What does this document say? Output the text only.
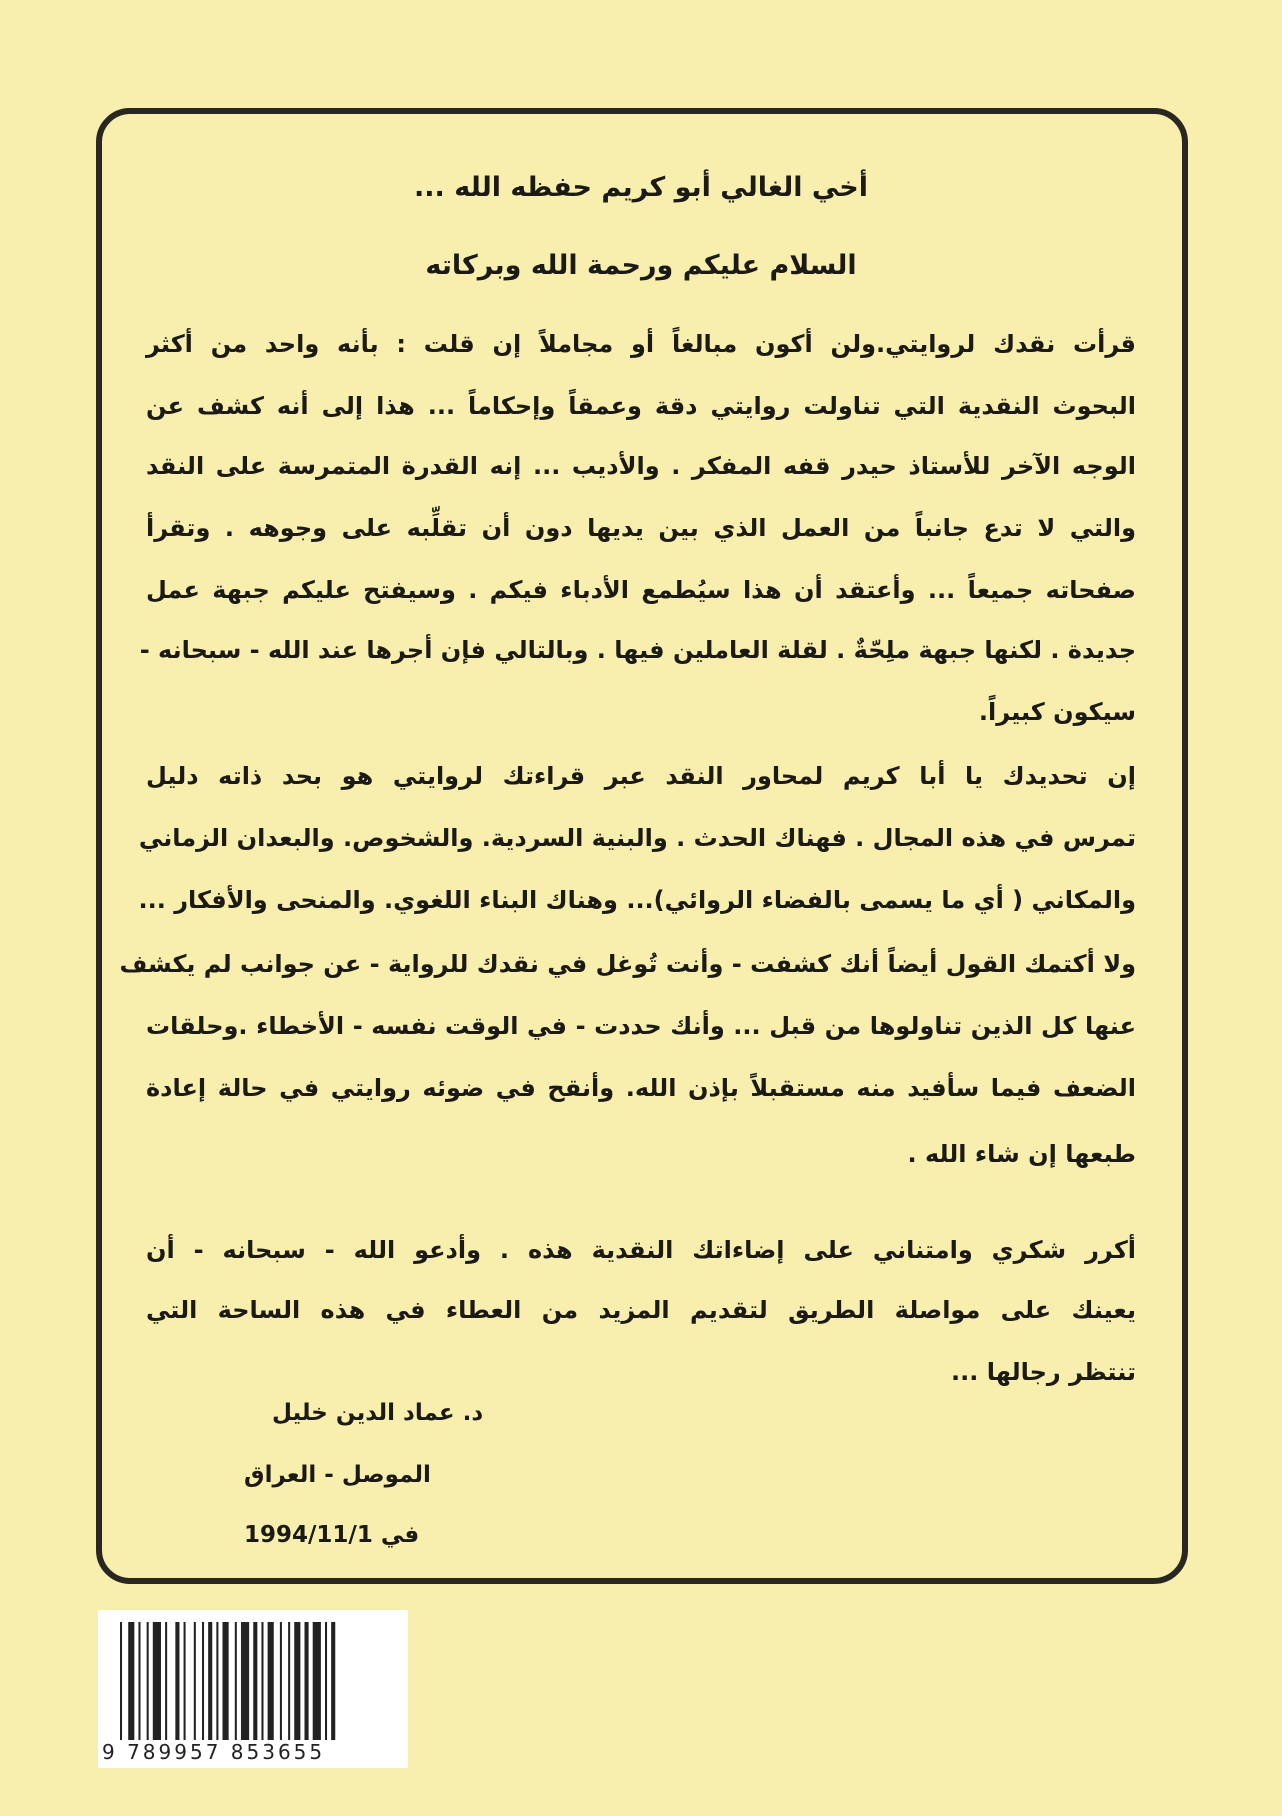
أخي الغالي أبو كريم حفظه الله ...
السلام عليكم ورحمة الله وبركاته
قرأت نقدك لروايتي.ولن أكون مبالغاً أو مجاملاً إن قلت : بأنه واحد من أكثر
البحوث النقدية التي تناولت روايتي دقة وعمقاً وإحكاماً ... هذا إلى أنه كشف عن
الوجه الآخر للأستاذ حيدر قفه المفكر . والأديب ... إنه القدرة المتمرسة على النقد
والتي لا تدع جانباً من العمل الذي بين يديها دون أن تقلِّبه على وجوهه . وتقرأ
صفحاته جميعاً ... وأعتقد أن هذا سيُطمع الأدباء فيكم . وسيفتح عليكم جبهة عمل
جديدة . لكنها جبهة ملِحّةٌ . لقلة العاملين فيها . وبالتالي فإن أجرها عند الله - سبحانه -
سيكون كبيراً.
إن تحديدك يا أبا كريم لمحاور النقد عبر قراءتك لروايتي هو بحد ذاته دليل
تمرس في هذه المجال . فهناك الحدث . والبنية السردية. والشخوص. والبعدان الزماني
والمكاني ( أي ما يسمى بالفضاء الروائي)... وهناك البناء اللغوي. والمنحى والأفكار ...
ولا أكتمك القول أيضاً أنك كشفت - وأنت تُوغل في نقدك للرواية - عن جوانب لم يكشف
عنها كل الذين تناولوها من قبل ... وأنك حددت - في الوقت نفسه - الأخطاء .وحلقات
الضعف فيما سأفيد منه مستقبلاً بإذن الله. وأنقح في ضوئه روايتي في حالة إعادة
طبعها إن شاء الله .
أكرر شكري وامتناني على إضاءاتك النقدية هذه . وأدعو الله - سبحانه - أن
يعينك على مواصلة الطريق لتقديم المزيد من العطاء في هذه الساحة التي
تنتظر رجالها ...
د. عماد الدين خليل
الموصل - العراق
في 1994/11/1
9 789957 853655
